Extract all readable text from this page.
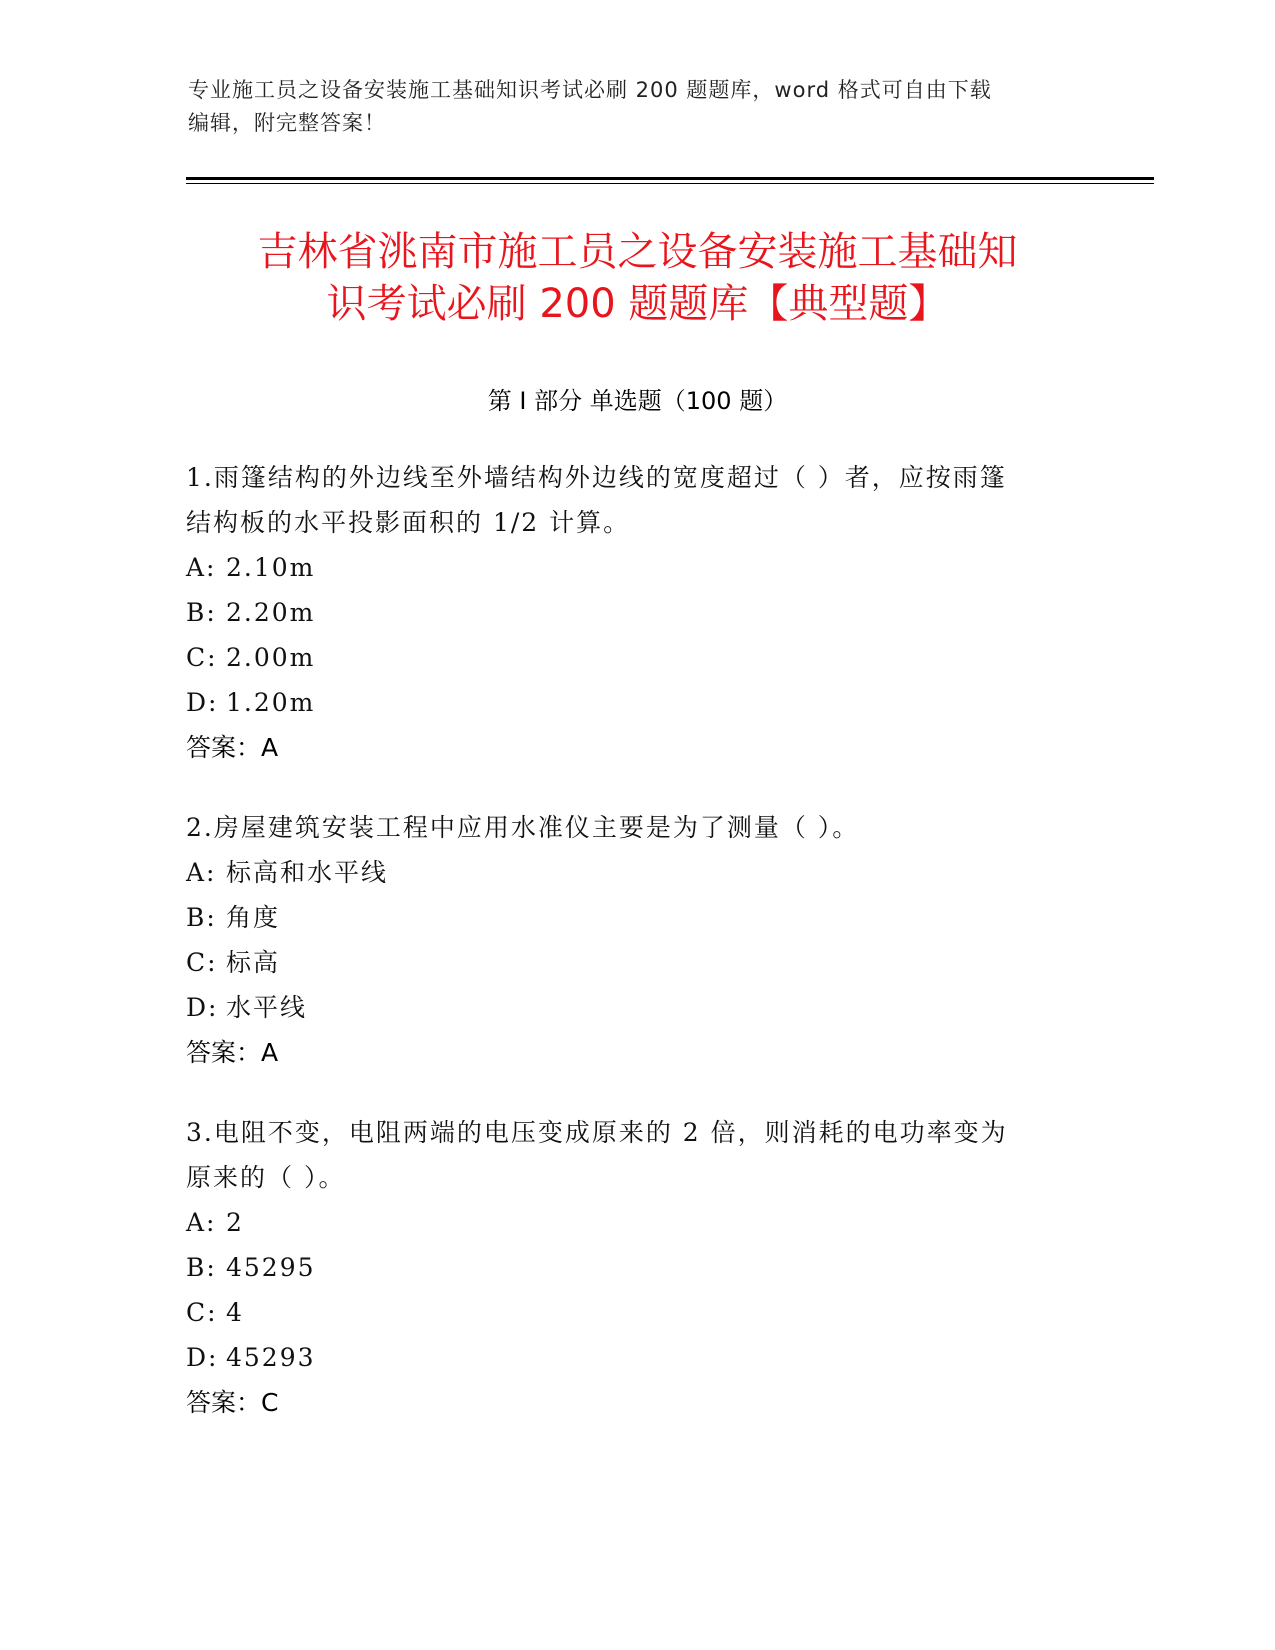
专业施工员之设备安装施工基础知识考试必刷 200 题题库，word 格式可自由下载
编辑，附完整答案！
吉林省洮南市施工员之设备安装施工基础知
识考试必刷 200 题题库【典型题】
第 I 部分 单选题（100 题）

1.雨篷结构的外边线至外墙结构外边线的宽度超过（ ）者，应按雨篷

结构板的水平投影面积的 1/2 计算。

A: 2.10m

B: 2.20m

C: 2.00m

D: 1.20m

答案：A

2.房屋建筑安装工程中应用水准仪主要是为了测量（ ）。

A: 标高和水平线

B: 角度

C: 标高

D: 水平线

答案：A

3.电阻不变，电阻两端的电压变成原来的 2 倍，则消耗的电功率变为

原来的（ ）。

A: 2

B: 45295

C: 4

D: 45293

答案：C
